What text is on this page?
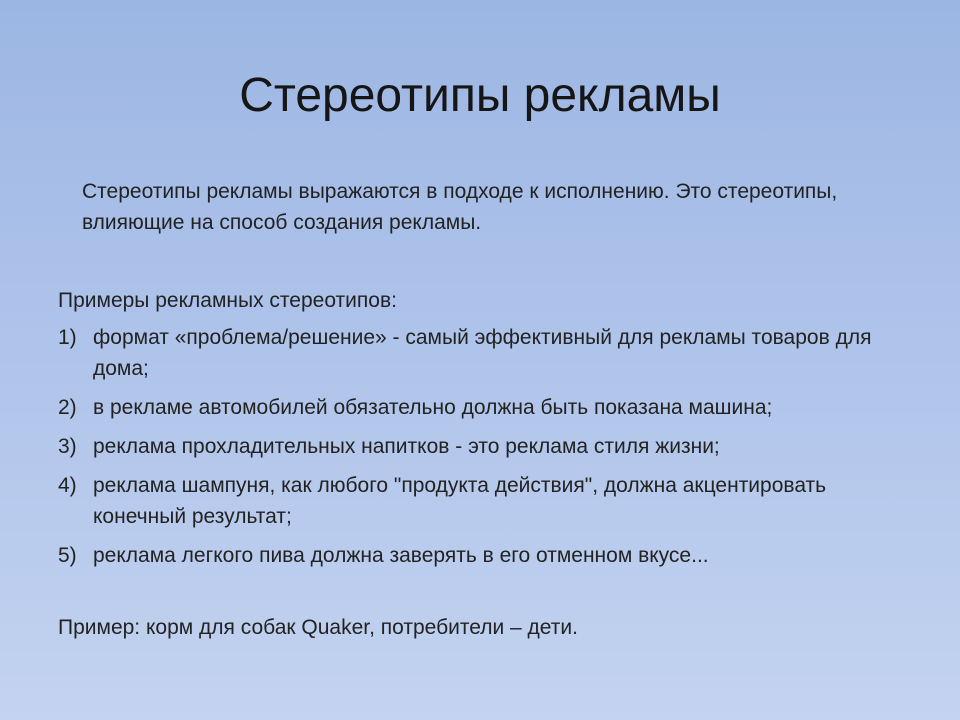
Стереотипы рекламы

Стереотипы рекламы выражаются в подходе к исполнению. Это стереотипы, влияющие на способ создания рекламы.

Примеры рекламных стереотипов:

1) формат «проблема/решение» - самый эффективный для рекламы товаров для дома;
2) в рекламе автомобилей обязательно должна быть показана машина;
3) реклама прохладительных напитков - это реклама стиля жизни;
4) реклама шампуня, как любого "продукта действия", должна акцентировать конечный результат;
5) реклама легкого пива должна заверять в его отменном вкусе...

Пример: корм для собак Quaker, потребители – дети.
